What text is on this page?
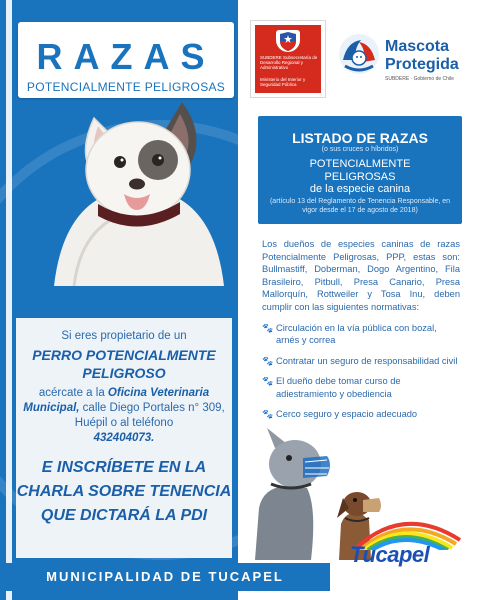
RAZAS
POTENCIALMENTE PELIGROSAS
SUBDERE Subsecretaría de Desarrollo Regional y Administrativo
Ministerio del Interior y Seguridad Pública
Mascota
Protegida
SUBDERE · Gobierno de Chile
LISTADO DE RAZAS
(o sus cruces o híbridos)
POTENCIALMENTE
PELIGROSAS
de la especie canina
(artículo 13 del Reglamento de Tenencia Responsable, en vigor desde el 17 de agosto de 2018)
Los dueños de especies caninas de razas Potencialmente Peligrosas, PPP, estas son: Bullmastiff, Doberman, Dogo Argentino, Fila Brasileiro, Pitbull, Presa Canario, Presa Mallorquín, Rottweiler y Tosa Inu, deben cumplir con las siguientes normativas:
🐾 Circulación en la vía pública con bozal, arnés y correa
🐾 Contratar un seguro de responsabilidad civil
🐾 El dueño debe tomar curso de adiestramiento y obediencia
🐾 Cerco seguro y espacio adecuado
Si eres propietario de un
PERRO POTENCIALMENTE
PELIGROSO
acércate a la Oficina Veterinaria Municipal, calle Diego Portales n° 309, Huépil o al teléfono
432404073.
E INSCRÍBETE EN LA CHARLA SOBRE TENENCIA QUE DICTARÁ LA PDI
Tucapel
MUNICIPALIDAD DE TUCAPEL
